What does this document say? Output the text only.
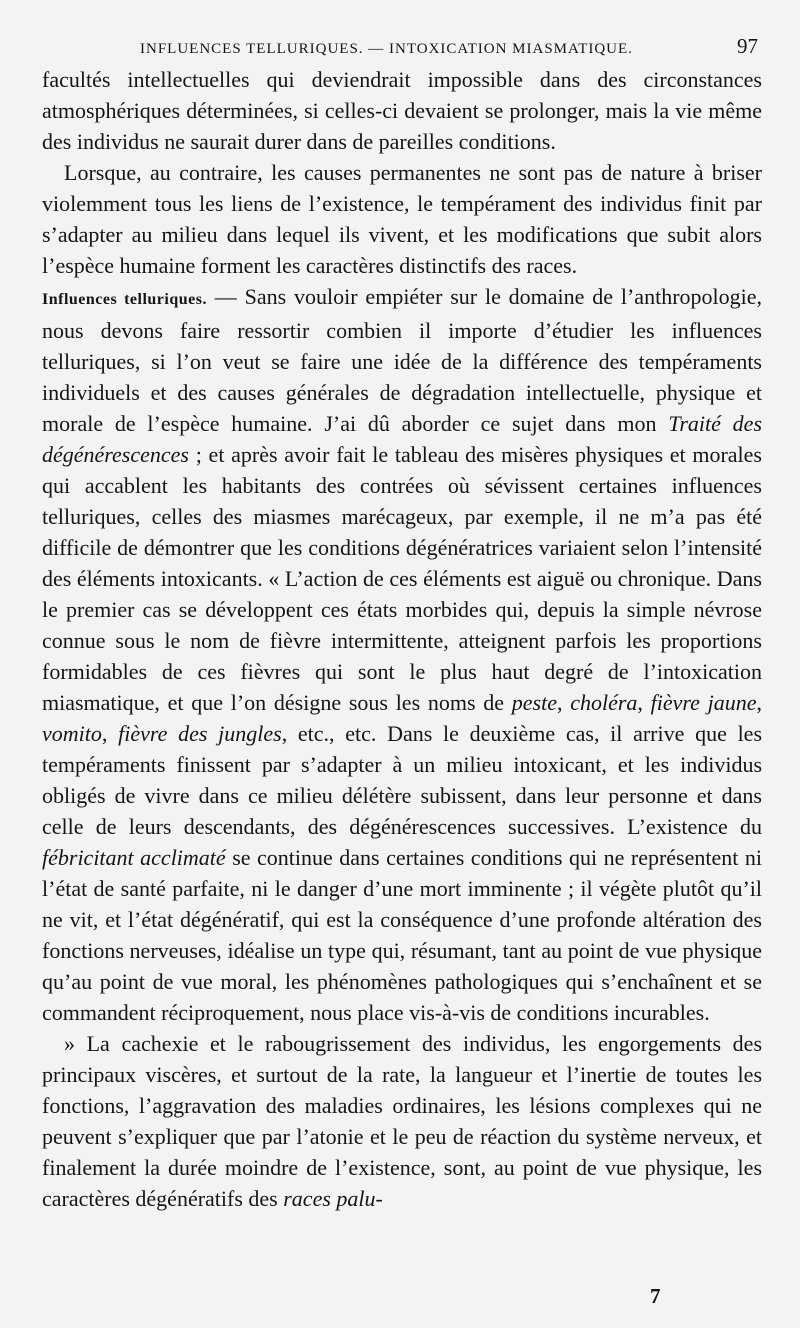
INFLUENCES TELLURIQUES. — INTOXICATION MIASMATIQUE.	97

facultés intellectuelles qui deviendrait impossible dans des circonstances atmosphériques déterminées, si celles-ci devaient se prolonger, mais la vie même des individus ne saurait durer dans de pareilles conditions.

Lorsque, au contraire, les causes permanentes ne sont pas de nature à briser violemment tous les liens de l’existence, le tempérament des individus finit par s’adapter au milieu dans lequel ils vivent, et les modifications que subit alors l’espèce humaine forment les caractères distinctifs des races.

Influences telluriques. — Sans vouloir empiéter sur le domaine de l’anthropologie, nous devons faire ressortir combien il importe d’étudier les influences telluriques, si l’on veut se faire une idée de la différence des tempéraments individuels et des causes générales de dégradation intellectuelle, physique et morale de l’espèce humaine. J’ai dû aborder ce sujet dans mon Traité des dégénérescences ; et après avoir fait le tableau des misères physiques et morales qui accablent les habitants des contrées où sévissent certaines influences telluriques, celles des miasmes marécageux, par exemple, il ne m’a pas été difficile de démontrer que les conditions dégénératrices variaient selon l’intensité des éléments intoxicants. « L’action de ces éléments est aiguë ou chronique. Dans le premier cas se développent ces états morbides qui, depuis la simple névrose connue sous le nom de fièvre intermittente, atteignent parfois les proportions formidables de ces fièvres qui sont le plus haut degré de l’intoxication miasmatique, et que l’on désigne sous les noms de peste, choléra, fièvre jaune, vomito, fièvre des jungles, etc., etc. Dans le deuxième cas, il arrive que les tempéraments finissent par s’adapter à un milieu intoxicant, et les individus obligés de vivre dans ce milieu délétère subissent, dans leur personne et dans celle de leurs descendants, des dégénérescences successives. L’existence du fébricitant acclimaté se continue dans certaines conditions qui ne représentent ni l’état de santé parfaite, ni le danger d’une mort imminente ; il végète plutôt qu’il ne vit, et l’état dégénératif, qui est la conséquence d’une profonde altération des fonctions nerveuses, idéalise un type qui, résumant, tant au point de vue physique qu’au point de vue moral, les phénomènes pathologiques qui s’enchaînent et se commandent réciproquement, nous place vis-à-vis de conditions incurables.

» La cachexie et le rabougrissement des individus, les engorgements des principaux viscères, et surtout de la rate, la langueur et l’inertie de toutes les fonctions, l’aggravation des maladies ordinaires, les lésions complexes qui ne peuvent s’expliquer que par l’atonie et le peu de réaction du système nerveux, et finalement la durée moindre de l’existence, sont, au point de vue physique, les caractères dégénératifs des races palu-

7
